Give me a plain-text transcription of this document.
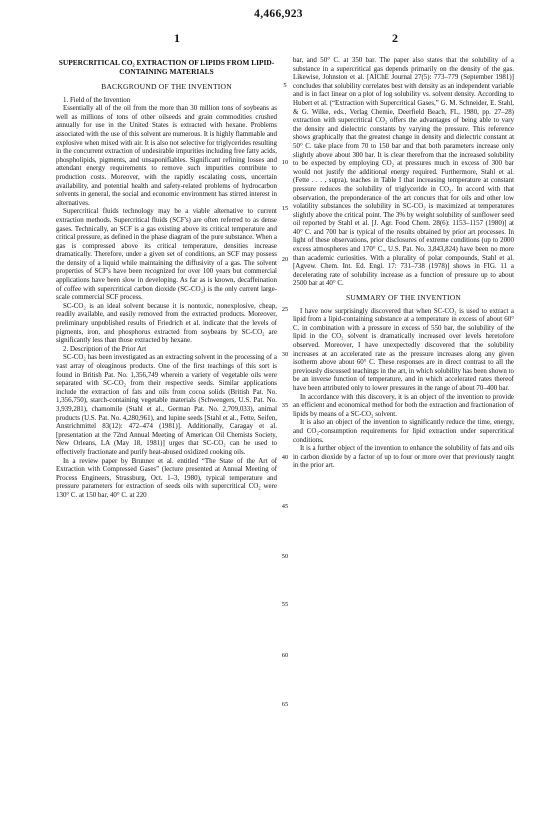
4,466,923
1	2
SUPERCRITICAL CO₂ EXTRACTION OF LIPIDS FROM LIPID-CONTAINING MATERIALS
BACKGROUND OF THE INVENTION

1. Field of the Invention

Essentially all of the oil from the more than 30 million tons of soybeans as well as millions of tons of other oilseeds and grain commodities crushed annually for use in the United States is extracted with hexane. Problems associated with the use of this solvent are numerous. It is highly flammable and explosive when mixed with air. It is also not selective for triglycerides resulting in the concurrent extraction of undesirable impurities including free fatty acids, phospholipids, pigments, and unsaponifiables. Significant refining losses and attendant energy requirements to remove such impurities contribute to production costs. Moreover, with the rapidly escalating costs, uncertain availability, and potential health and safety-related problems of hydrocarbon solvents in general, the social and economic environment has stirred interest in alternatives.

Supercritical fluids technology may be a viable alternative to current extraction methods. Supercritical fluids (SCF's) are often referred to as dense gases. Technically, an SCF is a gas existing above its critical temperature and critical pressure, as defined in the phase diagram of the pure substance. When a gas is compressed above its critical temperature, densities increase dramatically. Therefore, under a given set of conditions, an SCF may possess the density of a liquid while maintaining the diffusivity of a gas. The solvent properties of SCF's have been recognized for over 100 years but commercial applications have been slow in developing. As far as is known, decaffeination of coffee with supercritical carbon dioxide (SC-CO₂) is the only current large-scale commercial SCF process.

SC-CO₂ is an ideal solvent because it is nontoxic, nonexplosive, cheap, readily available, and easily removed from the extracted products. Moreover, preliminary unpublished results of Friedrich et al. indicate that the levels of pigments, iron, and phosphorus extracted from soybeans by SC-CO₂ are significantly less than those extracted by hexane.

2. Description of the Prior Art

SC-CO₂ has been investigated as an extracting solvent in the processing of a vast array of oleaginous products. One of the first teachings of this sort is found in British Pat. No. 1,356,749 wherein a variety of vegetable oils were separated with SC-CO₂ from their respective seeds. Similar applications include the extraction of fats and oils from cocoa solids (British Pat. No. 1,356,750), starch-containing vegetable materials (Schwengers, U.S. Pat. No. 3,939,281), chamomile (Stahl et al., German Pat. No. 2,709,033), animal products (U.S. Pat. No. 4,280,961), and lupine seeds [Stahl et al., Fette, Seifen, Anstrichmittel 83(12): 472–474 (1981)]. Additionally, Caragay et al. [presentation at the 72nd Annual Meeting of American Oil Chemists Society, New Orleans, LA (May 18, 1981)] urges that SC-CO₂ can be used to effectively fractionate and purify heat-abused oxidized cooking oils.

In a review paper by Brunner et al. entitled “The State of the Art of Extraction with Compressed Gases” (lecture presented at Annual Meeting of Process Engineers, Strassburg, Oct. 1–3, 1980), typical temperature and pressure parameters for extraction of seeds oils with supercritical CO₂ were 130° C. at 150 bar, 40° C. at 220

5
10
15
20
25
30
35
40
45
50
55
60
65

bar, and 50° C. at 350 bar. The paper also states that the solubility of a substance in a supercritical gas depends primarily on the density of the gas. Likewise, Johnston et al. [AIChE Journal 27(5): 773–779 (September 1981)] concludes that solubility correlates best with density as an independent variable and is in fact linear on a plot of log solubility vs. solvent density. According to Hubert et al. (“Extraction with Supercritical Gases,” G. M. Schneider, E. Stahl, & G. Wilke, eds., Verlag Chemie, Deerfield Beach, FL, 1980, pp. 27–28) extraction with supercritical CO₂ offers the advantages of being able to vary the density and dielectric constants by varying the pressure. This reference shows graphically that the greatest change in density and dielectric constant at 50° C. take place from 70 to 150 bar and that both parameters increase only slightly above about 300 bar. It is clear therefrom that the increased solubility to be expected by employing CO₂ at pressures much in excess of 300 bar would not justify the additional energy required. Furthermore, Stahl et al. (Fette . . . , supra), teaches in Table I that increasing temperature at constant pressure reduces the solubility of triglyceride in CO₂. In accord with that observation, the preponderance of the art concurs that for oils and other low volatility substances the solubility in SC-CO₂ is maximized at temperatures slightly above the critical point. The 3% by weight solubility of sunflower seed oil reported by Stahl et al. [J. Agr. Food Chem. 28(6): 1153–1157 (1980)] at 40° C. and 700 bar is typical of the results obtained by prior art processes. In light of these observations, prior disclosures of extreme conditions (up to 2000 excess atmospheres and 170° C., U.S. Pat. No. 3,843,824) have been no more than academic curiosities. With a plurality of polar compounds, Stahl et al. [Agvew. Chem. Int. Ed. Engl. 17: 731–738 (1978)] shows in FIG. 11 a decelerating rate of solubility increase as a function of pressure up to about 2500 bar at 40° C.

SUMMARY OF THE INVENTION

I have now surprisingly discovered that when SC-CO₂ is used to extract a lipid from a lipid-containing substance at a temperature in excess of about 60° C. in combination with a pressure in excess of 550 bar, the solubility of the lipid in the CO₂ solvent is dramatically increased over levels heretofore observed. Moreover, I have unexpectedly discovered that the solubility increases at an accelerated rate as the pressure increases along any given isotherm above about 60° C. These responses are in direct contrast to all the previously discussed teachings in the art, in which solubility has been shown to be an inverse function of temperature, and in which accelerated rates thereof have been attributed only to lower pressures in the range of about 70–400 bar.

In accordance with this discovery, it is an object of the invention to provide an efficient and economical method for both the extraction and fractionation of lipids by means of a SC-CO₂ solvent.

It is also an object of the invention to significantly reduce the time, energy, and CO₂-consumption requirements for lipid extraction under supercritical conditions.

It is a further object of the invention to enhance the solubility of fats and oils in carbon dioxide by a factor of up to four or more over that previously taught in the prior art.
